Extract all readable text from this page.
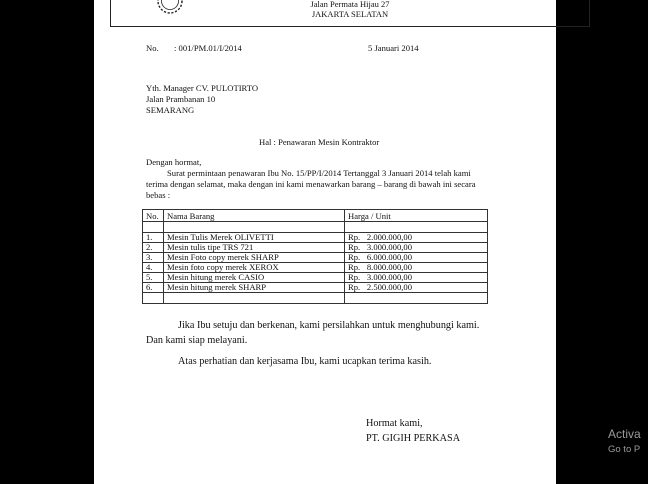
Jalan Permata Hijau 27
JAKARTA SELATAN
No. : 001/PM.01/I/2014	5 Januari 2014
Yth. Manager CV. PULOTIRTO
Jalan Prambanan 10
SEMARANG
Hal : Penawaran Mesin Kontraktor
Dengan hormat,
Surat permintaan penawaran Ibu No. 15/PP/I/2014 Tertanggal 3 Januari 2014 telah kami
terima dengan selamat, maka dengan ini kami menawarkan barang – barang di bawah ini secara
bebas :
No.	Nama Barang	Harga / Unit

1.	Mesin Tulis Merek OLIVETTI	Rp. 2.000.000,00

2.	Mesin tulis tipe TRS 721	Rp. 3.000.000,00

3.	Mesin Foto copy merek SHARP	Rp. 6.000.000,00

4.	Mesin foto copy merek XEROX	Rp. 8.000.000,00

5.	Mesin hitung merek CASIO	Rp. 3.000.000,00

6.	Mesin hitung merek SHARP	Rp. 2.500.000,00

Jika Ibu setuju dan berkenan, kami persilahkan untuk menghubungi kami.
Dan kami siap melayani.
Atas perhatian dan kerjasama Ibu, kami ucapkan terima kasih.
Hormat kami,
PT. GIGIH PERKASA	Activa
Go to P
